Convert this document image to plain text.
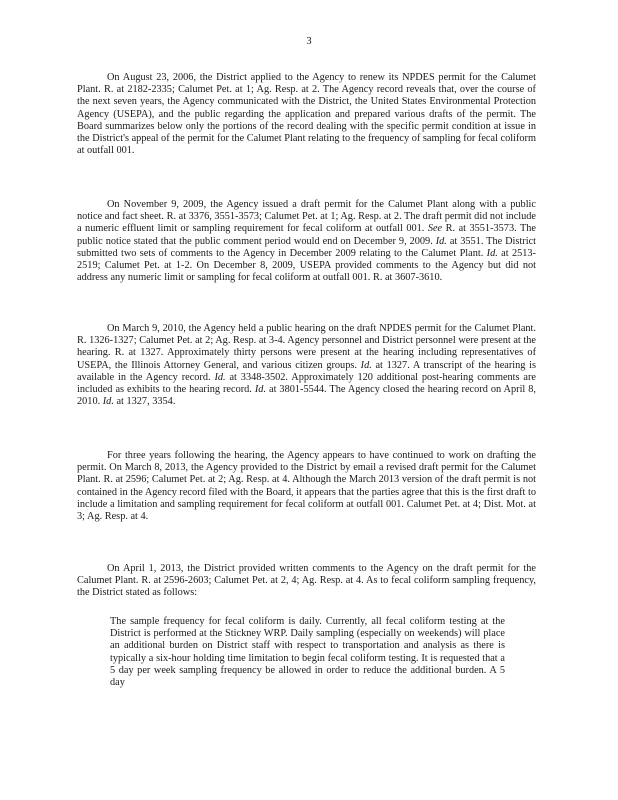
3

On August 23, 2006, the District applied to the Agency to renew its NPDES permit for the Calumet Plant. R. at 2182-2335; Calumet Pet. at 1; Ag. Resp. at 2. The Agency record reveals that, over the course of the next seven years, the Agency communicated with the District, the United States Environmental Protection Agency (USEPA), and the public regarding the application and prepared various drafts of the permit. The Board summarizes below only the portions of the record dealing with the specific permit condition at issue in the District's appeal of the permit for the Calumet Plant relating to the frequency of sampling for fecal coliform at outfall 001.

On November 9, 2009, the Agency issued a draft permit for the Calumet Plant along with a public notice and fact sheet. R. at 3376, 3551-3573; Calumet Pet. at 1; Ag. Resp. at 2. The draft permit did not include a numeric effluent limit or sampling requirement for fecal coliform at outfall 001. See R. at 3551-3573. The public notice stated that the public comment period would end on December 9, 2009. Id. at 3551. The District submitted two sets of comments to the Agency in December 2009 relating to the Calumet Plant. Id. at 2513-2519; Calumet Pet. at 1-2. On December 8, 2009, USEPA provided comments to the Agency but did not address any numeric limit or sampling for fecal coliform at outfall 001. R. at 3607-3610.

On March 9, 2010, the Agency held a public hearing on the draft NPDES permit for the Calumet Plant. R. 1326-1327; Calumet Pet. at 2; Ag. Resp. at 3-4. Agency personnel and District personnel were present at the hearing. R. at 1327. Approximately thirty persons were present at the hearing including representatives of USEPA, the Illinois Attorney General, and various citizen groups. Id. at 1327. A transcript of the hearing is available in the Agency record. Id. at 3348-3502. Approximately 120 additional post-hearing comments are included as exhibits to the hearing record. Id. at 3801-5544. The Agency closed the hearing record on April 8, 2010. Id. at 1327, 3354.

For three years following the hearing, the Agency appears to have continued to work on drafting the permit. On March 8, 2013, the Agency provided to the District by email a revised draft permit for the Calumet Plant. R. at 2596; Calumet Pet. at 2; Ag. Resp. at 4. Although the March 2013 version of the draft permit is not contained in the Agency record filed with the Board, it appears that the parties agree that this is the first draft to include a limitation and sampling requirement for fecal coliform at outfall 001. Calumet Pet. at 4; Dist. Mot. at 3; Ag. Resp. at 4.

On April 1, 2013, the District provided written comments to the Agency on the draft permit for the Calumet Plant. R. at 2596-2603; Calumet Pet. at 2, 4; Ag. Resp. at 4. As to fecal coliform sampling frequency, the District stated as follows:

The sample frequency for fecal coliform is daily. Currently, all fecal coliform testing at the District is performed at the Stickney WRP. Daily sampling (especially on weekends) will place an additional burden on District staff with respect to transportation and analysis as there is typically a six-hour holding time limitation to begin fecal coliform testing. It is requested that a 5 day per week sampling frequency be allowed in order to reduce the additional burden. A 5 day
